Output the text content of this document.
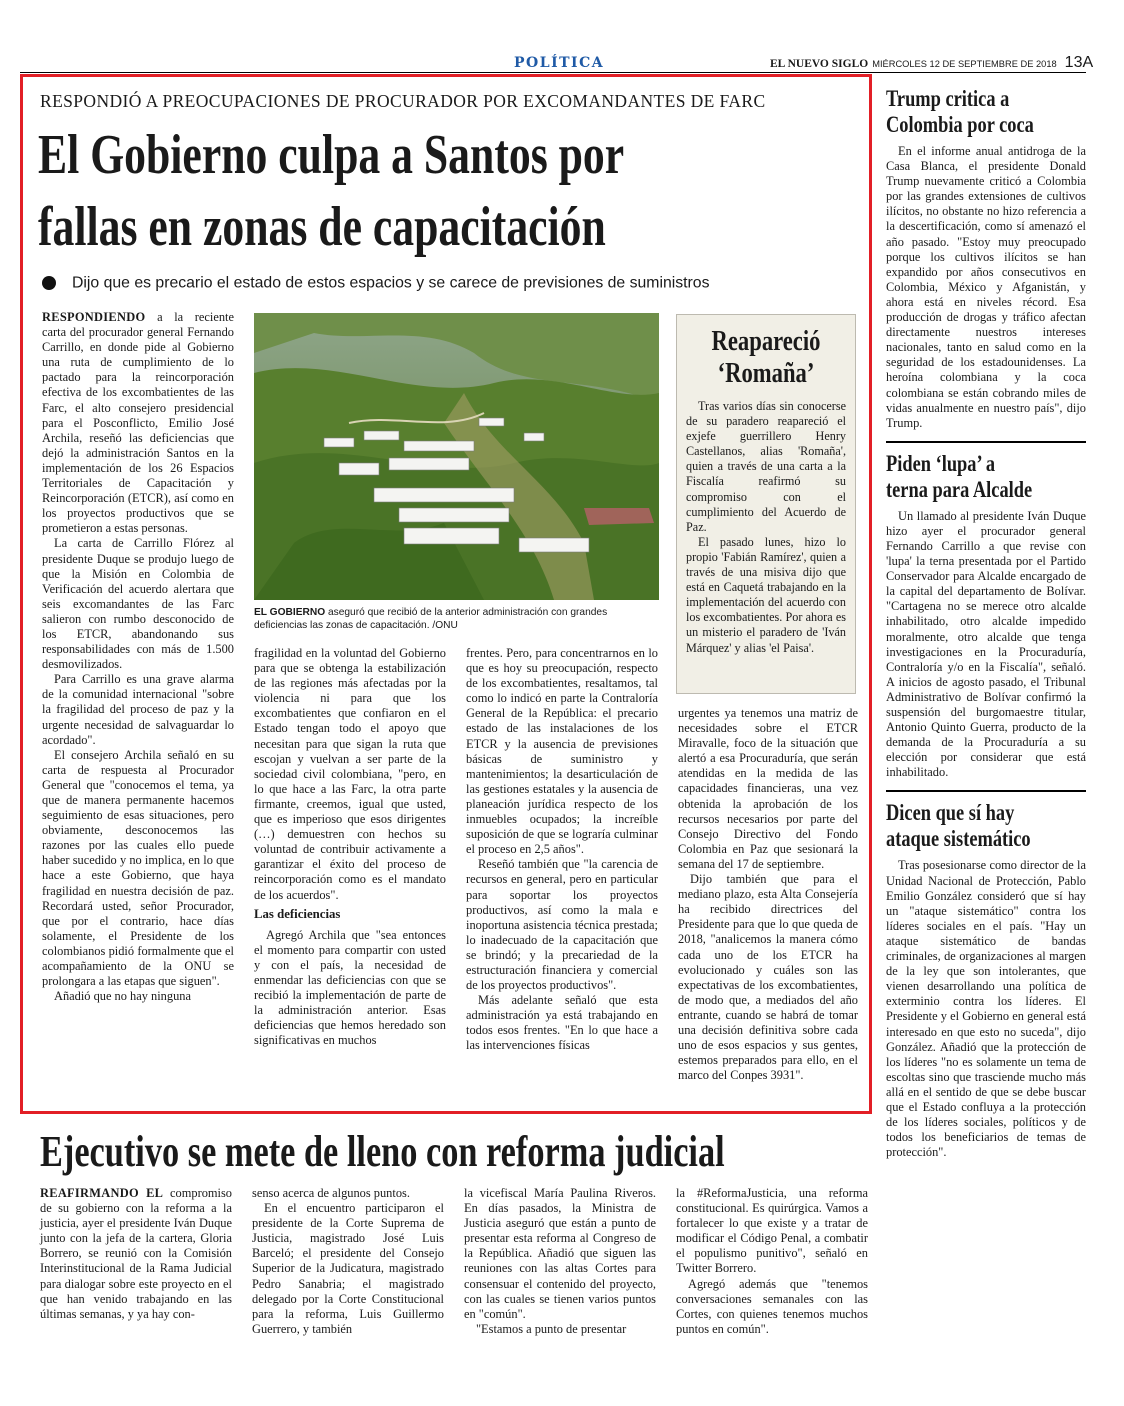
POLÍTICA	EL NUEVO SIGLO MIÉRCOLES 12 DE SEPTIEMBRE DE 2018 13A
RESPONDIÓ A PREOCUPACIONES DE PROCURADOR POR EXCOMANDANTES DE FARC
El Gobierno culpa a Santos por
fallas en zonas de capacitación
Dijo que es precario el estado de estos espacios y se carece de previsiones de suministros

RESPONDIENDO a la reciente carta del procurador general Fernando Carrillo, en donde pide al Gobierno una ruta de cumplimiento de lo pactado para la reincorporación efectiva de los excombatientes de las Farc, el alto consejero presidencial para el Posconflicto, Emilio José Archila, reseñó las deficiencias que dejó la administración Santos en la implementación de los 26 Espacios Territoriales de Capacitación y Reincorporación (ETCR), así como en los proyectos productivos que se prometieron a estas personas.

La carta de Carrillo Flórez al presidente Duque se produjo luego de que la Misión en Colombia de Verificación del acuerdo alertara que seis excomandantes de las Farc salieron con rumbo desconocido de los ETCR, abandonando sus responsabilidades con más de 1.500 desmovilizados.

Para Carrillo es una grave alarma de la comunidad internacional "sobre la fragilidad del proceso de paz y la urgente necesidad de salvaguardar lo acordado".

El consejero Archila señaló en su carta de respuesta al Procurador General que "conocemos el tema, ya que de manera permanente hacemos seguimiento de esas situaciones, pero obviamente, desconocemos las razones por las cuales ello puede haber sucedido y no implica, en lo que hace a este Gobierno, que haya fragilidad en nuestra decisión de paz. Recordará usted, señor Procurador, que por el contrario, hace días solamente, el Presidente de los colombianos pidió formalmente que el acompañamiento de la ONU se prolongara a las etapas que siguen".

Añadió que no hay ninguna

EL GOBIERNO aseguró que recibió de la anterior administración con grandes deficiencias las zonas de capacitación. /ONU

fragilidad en la voluntad del Gobierno para que se obtenga la estabilización de las regiones más afectadas por la violencia ni para que los excombatientes que confiaron en el Estado tengan todo el apoyo que necesitan para que sigan la ruta que escojan y vuelvan a ser parte de la sociedad civil colombiana, "pero, en lo que hace a las Farc, la otra parte firmante, creemos, igual que usted, que es imperioso que esos dirigentes (…) demuestren con hechos su voluntad de contribuir activamente a garantizar el éxito del proceso de reincorporación como es el mandato de los acuerdos".

Las deficiencias

Agregó Archila que "sea entonces el momento para compartir con usted y con el país, la necesidad de enmendar las deficiencias con que se recibió la implementación de parte de la administración anterior. Esas deficiencias que hemos heredado son significativas en muchos

frentes. Pero, para concentrarnos en lo que es hoy su preocupación, respecto de los excombatientes, resaltamos, tal como lo indicó en parte la Contraloría General de la República: el precario estado de las instalaciones de los ETCR y la ausencia de previsiones básicas de suministro y mantenimientos; la desarticulación de las gestiones estatales y la ausencia de planeación jurídica respecto de los inmuebles ocupados; la increíble suposición de que se lograría culminar el proceso en 2,5 años".

Reseñó también que "la carencia de recursos en general, pero en particular para soportar los proyectos productivos, así como la mala e inoportuna asistencia técnica prestada; lo inadecuado de la capacitación que se brindó; y la precariedad de la estructuración financiera y comercial de los proyectos productivos".

Más adelante señaló que esta administración ya está trabajando en todos esos frentes. "En lo que hace a las intervenciones físicas

Reapareció
‘Romaña’

Tras varios días sin conocerse de su paradero reapareció el exjefe guerrillero Henry Castellanos, alias 'Romaña', quien a través de una carta a la Fiscalía reafirmó su compromiso con el cumplimiento del Acuerdo de Paz.

El pasado lunes, hizo lo propio 'Fabián Ramírez', quien a través de una misiva dijo que está en Caquetá trabajando en la implementación del acuerdo con los excombatientes. Por ahora es un misterio el paradero de 'Iván Márquez' y alias 'el Paisa'.

urgentes ya tenemos una matriz de necesidades sobre el ETCR Miravalle, foco de la situación que alertó a esa Procuraduría, que serán atendidas en la medida de las capacidades financieras, una vez obtenida la aprobación de los recursos necesarios por parte del Consejo Directivo del Fondo Colombia en Paz que sesionará la semana del 17 de septiembre.

Dijo también que para el mediano plazo, esta Alta Consejería ha recibido directrices del Presidente para que lo que queda de 2018, "analicemos la manera cómo cada uno de los ETCR ha evolucionado y cuáles son las expectativas de los excombatientes, de modo que, a mediados del año entrante, cuando se habrá de tomar una decisión definitiva sobre cada uno de esos espacios y sus gentes, estemos preparados para ello, en el marco del Conpes 3931".

Trump critica a
Colombia por coca

En el informe anual antidroga de la Casa Blanca, el presidente Donald Trump nuevamente criticó a Colombia por las grandes extensiones de cultivos ilícitos, no obstante no hizo referencia a la descertificación, como sí amenazó el año pasado. "Estoy muy preocupado porque los cultivos ilícitos se han expandido por años consecutivos en Colombia, México y Afganistán, y ahora está en niveles récord. Esa producción de drogas y tráfico afectan directamente nuestros intereses nacionales, tanto en salud como en la seguridad de los estadounidenses. La heroína colombiana y la coca colombiana se están cobrando miles de vidas anualmente en nuestro país", dijo Trump.

Piden ‘lupa’ a
terna para Alcalde

Un llamado al presidente Iván Duque hizo ayer el procurador general Fernando Carrillo a que revise con 'lupa' la terna presentada por el Partido Conservador para Alcalde encargado de la capital del departamento de Bolívar. "Cartagena no se merece otro alcalde inhabilitado, otro alcalde impedido moralmente, otro alcalde que tenga investigaciones en la Procuraduría, Contraloría y/o en la Fiscalía", señaló. A inicios de agosto pasado, el Tribunal Administrativo de Bolívar confirmó la suspensión del burgomaestre titular, Antonio Quinto Guerra, producto de la demanda de la Procuraduría a su elección por considerar que está inhabilitado.

Dicen que sí hay
ataque sistemático

Tras posesionarse como director de la Unidad Nacional de Protección, Pablo Emilio González consideró que sí hay un "ataque sistemático" contra los líderes sociales en el país. "Hay un ataque sistemático de bandas criminales, de organizaciones al margen de la ley que son intolerantes, que vienen desarrollando una política de exterminio contra los líderes. El Presidente y el Gobierno en general está interesado en que esto no suceda", dijo González. Añadió que la protección de los líderes "no es solamente un tema de escoltas sino que trasciende mucho más allá en el sentido de que se debe buscar que el Estado confluya a la protección de los líderes sociales, políticos y de todos los beneficiarios de temas de protección".

Ejecutivo se mete de lleno con reforma judicial

REAFIRMANDO EL compromiso de su gobierno con la reforma a la justicia, ayer el presidente Iván Duque junto con la jefa de la cartera, Gloria Borrero, se reunió con la Comisión Interinstitucional de la Rama Judicial para dialogar sobre este proyecto en el que han venido trabajando en las últimas semanas, y ya hay con-

senso acerca de algunos puntos.

En el encuentro participaron el presidente de la Corte Suprema de Justicia, magistrado José Luis Barceló; el presidente del Consejo Superior de la Judicatura, magistrado Pedro Sanabria; el magistrado delegado por la Corte Constitucional para la reforma, Luis Guillermo Guerrero, y también

la vicefiscal María Paulina Riveros. En días pasados, la Ministra de Justicia aseguró que están a punto de presentar esta reforma al Congreso de la República. Añadió que siguen las reuniones con las altas Cortes para consensuar el contenido del proyecto, con las cuales se tienen varios puntos en "común".

"Estamos a punto de presentar

la #ReformaJusticia, una reforma constitucional. Es quirúrgica. Vamos a fortalecer lo que existe y a tratar de modificar el Código Penal, a combatir el populismo punitivo", señaló en Twitter Borrero.

Agregó además que "tenemos conversaciones semanales con las Cortes, con quienes tenemos muchos puntos en común".
